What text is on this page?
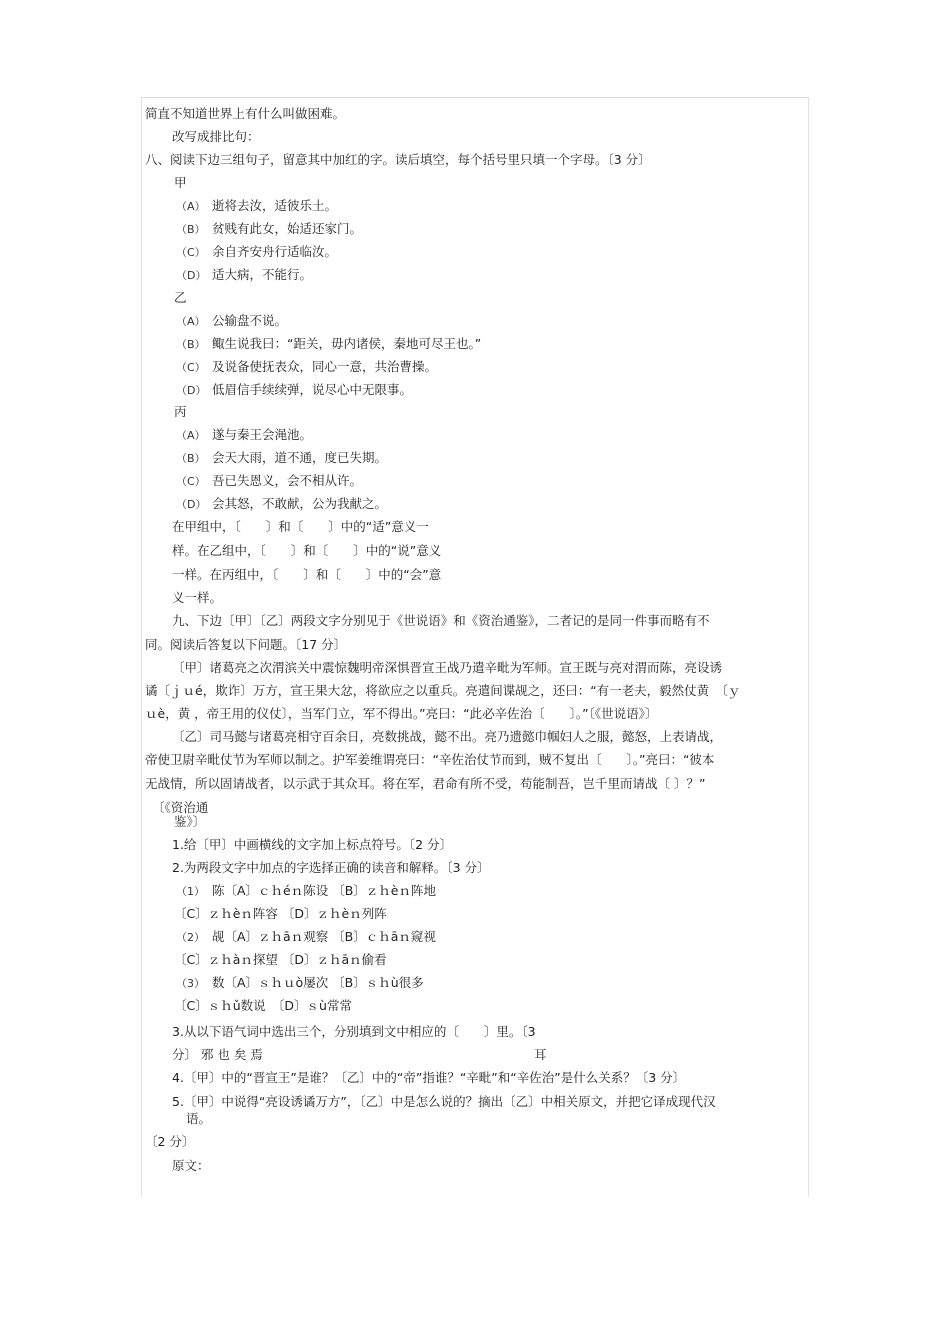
简直不知道世界上有什么叫做困难。
改写成排比句：
八、阅读下边三组句子，留意其中加红的字。读后填空，每个括号里只填一个字母。〔3 分〕
甲
（A） 逝将去汝，适彼乐土。
（B） 贫贱有此女，始适还家门。
（C） 余自齐安舟行适临汝。
（D） 适大病，不能行。
乙
（A） 公输盘不说。
（B） 鲰生说我曰：“距关，毋内诸侯，秦地可尽王也。”
（C） 及说备使抚表众，同心一意，共治曹操。
（D） 低眉信手续续弹，说尽心中无限事。
丙
（A） 遂与秦王会渑池。
（B） 会天大雨，道不通，度已失期。
（C） 吾已失恩义，会不相从许。
（D） 会其怒，不敢献，公为我献之。
在甲组中，〔　　〕和〔　　〕中的“适”意义一
样。在乙组中，〔　　〕和〔　　〕中的“说”意义
一样。在丙组中，〔　　〕和〔　　〕中的“会”意
义一样。
九、下边〔甲〕〔乙〕两段文字分别见于《世说语》和《资治通鉴》，二者记的是同一件事而略有不
同。阅读后答复以下问题。〔17 分〕
〔甲〕诸葛亮之次渭滨关中震惊魏明帝深惧晋宣王战乃遣辛毗为军师。宣王既与亮对渭而陈，亮设诱
谲〔ｊｕé，欺诈〕万方，宣王果大忿，将欲应之以重兵。亮遣间谍觇之，还曰：“有一老夫，毅然仗黄　〔ｙ
ｕè，黄 ，帝王用的仪仗〕，当军门立，军不得出。”亮曰：“此必辛佐治〔　　〕。”〔《世说语》〕
〔乙〕司马懿与诸葛亮相守百余日，亮数挑战，懿不出。亮乃遗懿巾帼妇人之服，懿怒，上表请战，
帝使卫尉辛毗仗节为军师以制之。护军姜维谓亮曰：“辛佐治仗节而到，贼不复出〔　　〕。”亮曰：“彼本
无战情，所以固请战者，以示武于其众耳。将在军，君命有所不受，苟能制吾，岂千里而请战〔 〕？”
〔《资治通
鉴》〕
1.给〔甲〕中画横线的文字加上标点符号。〔2 分〕
2.为两段文字中加点的字选择正确的读音和解释。〔3 分〕
（1） 陈〔A〕ｃｈéｎ陈设 〔B〕ｚｈèｎ阵地
〔C〕ｚｈèｎ阵容 〔D〕ｚｈèｎ列阵
（2） 觇〔A〕ｚｈāｎ观察 〔B〕ｃｈāｎ窥视
〔C〕ｚｈàｎ探望 〔D〕ｚｈāｎ偷看
（3） 数〔A〕ｓｈｕò屡次 〔B〕ｓｈù很多
〔C〕ｓｈǔ数说　〔D〕ｓù常常
3.从以下语气词中选出三个，分别填到文中相应的〔　　〕里。〔3
分〕 邪 也 矣 焉	耳
4.〔甲〕中的“晋宣王”是谁？〔乙〕中的“帝”指谁？“辛毗”和“辛佐治”是什么关系？〔3 分〕
5.〔甲〕中说得“亮设诱谲万方”，〔乙〕中是怎么说的？摘出〔乙〕中相关原文，并把它译成现代汉
语。
〔2 分〕
原文：
